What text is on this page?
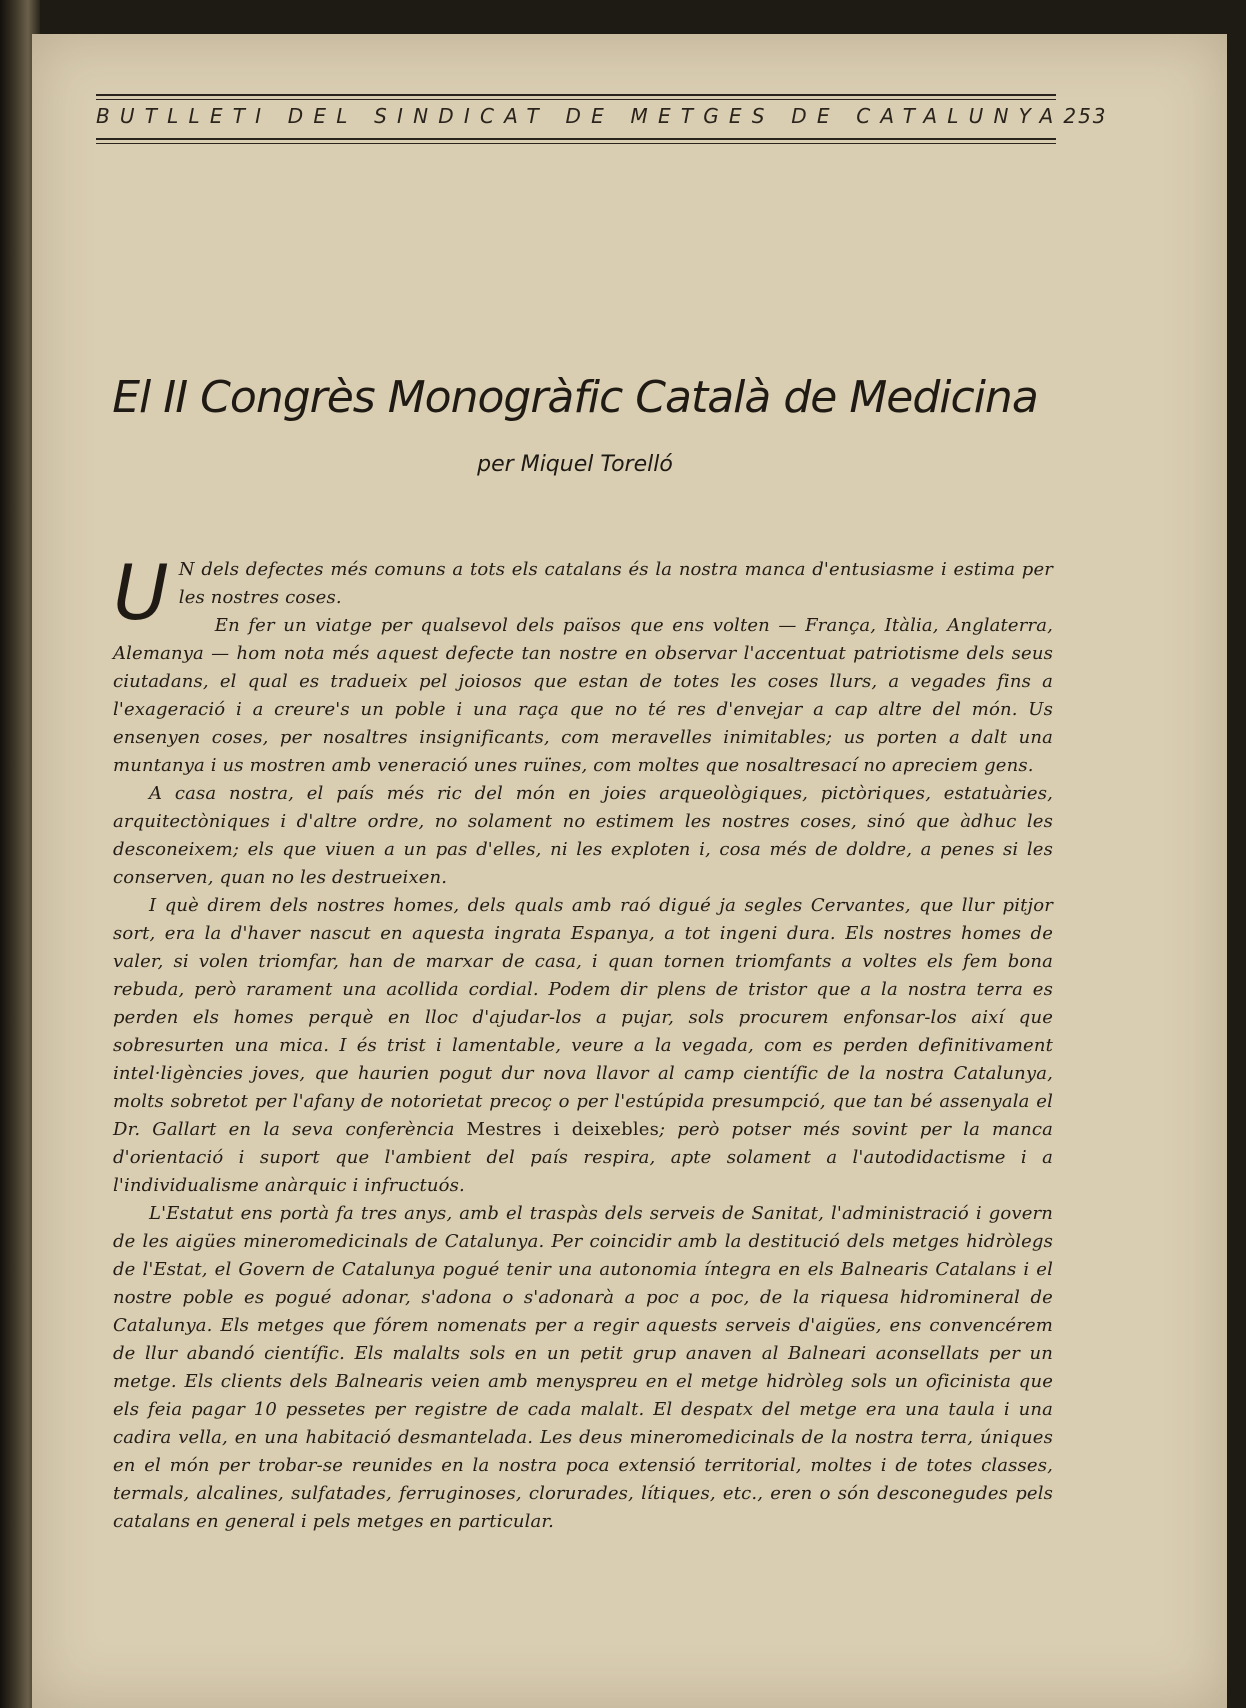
BUTLLETI DEL SINDICAT DE METGES DE CATALUNYA 253
El II Congrès Monogràfic Català de Medicina

per Miquel Torelló

U N dels defectes més comuns a tots els catalans és la nostra manca d'entusiasme i estima per les nostres coses.

En fer un viatge per qualsevol dels països que ens volten — França, Itàlia, Anglaterra, Alemanya — hom nota més aquest defecte tan nostre en observar l'accentuat patriotisme dels seus ciutadans, el qual es tradueix pel joiosos que estan de totes les coses llurs, a vegades fins a l'exageració i a creure's un poble i una raça que no té res d'envejar a cap altre del món. Us ensenyen coses, per nosaltres insignificants, com meravelles inimitables; us porten a dalt una muntanya i us mostren amb veneració unes ruïnes, com moltes que nosaltresací no apreciem gens.

A casa nostra, el país més ric del món en joies arqueològiques, pictòriques, estatuàries, arquitectòniques i d'altre ordre, no solament no estimem les nostres coses, sinó que àdhuc les desconeixem; els que viuen a un pas d'elles, ni les exploten i, cosa més de doldre, a penes si les conserven, quan no les destrueixen.

I què direm dels nostres homes, dels quals amb raó digué ja segles Cervantes, que llur pitjor sort, era la d'haver nascut en aquesta ingrata Espanya, a tot ingeni dura. Els nostres homes de valer, si volen triomfar, han de marxar de casa, i quan tornen triomfants a voltes els fem bona rebuda, però rarament una acollida cordial. Podem dir plens de tristor que a la nostra terra es perden els homes perquè en lloc d'ajudar-los a pujar, sols procurem enfonsar-los així que sobresurten una mica. I és trist i lamentable, veure a la vegada, com es perden definitivament intel·ligències joves, que haurien pogut dur nova llavor al camp científic de la nostra Catalunya, molts sobretot per l'afany de notorietat precoç o per l'estúpida presumpció, que tan bé assenyala el Dr. Gallart en la seva conferència Mestres i deixebles; però potser més sovint per la manca d'orientació i suport que l'ambient del país respira, apte solament a l'autodidactisme i a l'individualisme anàrquic i infructuós.

L'Estatut ens portà fa tres anys, amb el traspàs dels serveis de Sanitat, l'administració i govern de les aigües mineromedicinals de Catalunya. Per coincidir amb la destitució dels metges hidròlegs de l'Estat, el Govern de Catalunya pogué tenir una autonomia íntegra en els Balnearis Catalans i el nostre poble es pogué adonar, s'adona o s'adonarà a poc a poc, de la riquesa hidromineral de Catalunya. Els metges que fórem nomenats per a regir aquests serveis d'aigües, ens convencérem de llur abandó científic. Els malalts sols en un petit grup anaven al Balneari aconsellats per un metge. Els clients dels Balnearis veien amb menyspreu en el metge hidròleg sols un oficinista que els feia pagar 10 pessetes per registre de cada malalt. El despatx del metge era una taula i una cadira vella, en una habitació desmantelada. Les deus mineromedicinals de la nostra terra, úniques en el món per trobar-se reunides en la nostra poca extensió territorial, moltes i de totes classes, termals, alcalines, sulfatades, ferruginoses, clorurades, lítiques, etc., eren o són desconegudes pels catalans en general i pels metges en particular.
